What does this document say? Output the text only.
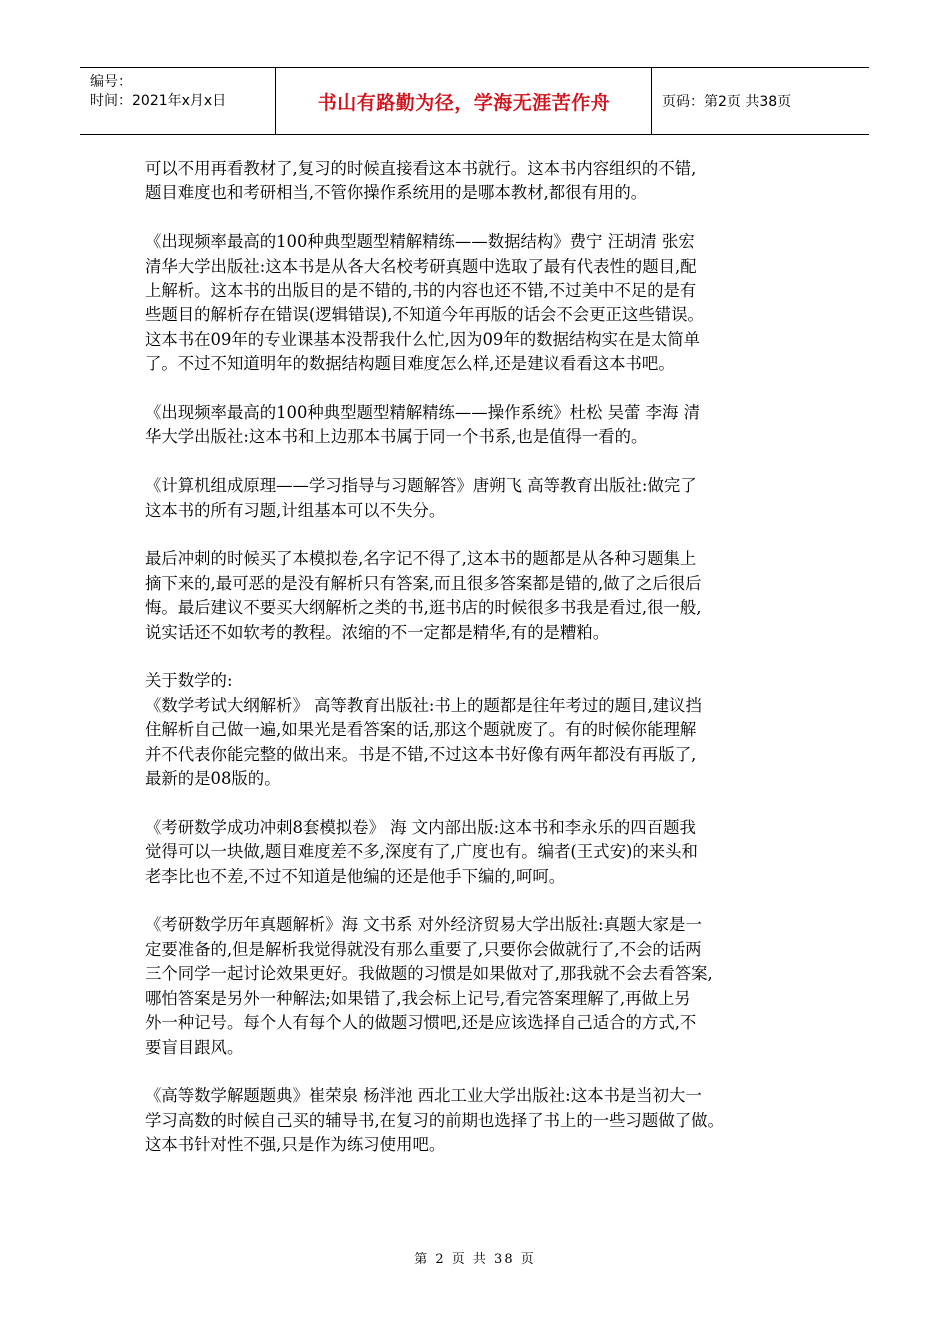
编号：
时间：2021年x月x日	书山有路勤为径，学海无涯苦作舟	页码：第2页 共38页

可以不用再看教材了,复习的时候直接看这本书就行。这本书内容组织的不错,
题目难度也和考研相当,不管你操作系统用的是哪本教材,都很有用的。

《出现频率最高的100种典型题型精解精练——数据结构》费宁 汪胡清 张宏
清华大学出版社:这本书是从各大名校考研真题中选取了最有代表性的题目,配
上解析。这本书的出版目的是不错的,书的内容也还不错,不过美中不足的是有
些题目的解析存在错误(逻辑错误),不知道今年再版的话会不会更正这些错误。
这本书在09年的专业课基本没帮我什么忙,因为09年的数据结构实在是太简单
了。不过不知道明年的数据结构题目难度怎么样,还是建议看看这本书吧。

《出现频率最高的100种典型题型精解精练——操作系统》杜松 吴蕾 李海 清
华大学出版社:这本书和上边那本书属于同一个书系,也是值得一看的。

《计算机组成原理——学习指导与习题解答》唐朔飞 高等教育出版社:做完了
这本书的所有习题,计组基本可以不失分。

最后冲刺的时候买了本模拟卷,名字记不得了,这本书的题都是从各种习题集上
摘下来的,最可恶的是没有解析只有答案,而且很多答案都是错的,做了之后很后
悔。最后建议不要买大纲解析之类的书,逛书店的时候很多书我是看过,很一般,
说实话还不如软考的教程。浓缩的不一定都是精华,有的是糟粕。

关于数学的:
《数学考试大纲解析》 高等教育出版社:书上的题都是往年考过的题目,建议挡
住解析自己做一遍,如果光是看答案的话,那这个题就废了。有的时候你能理解
并不代表你能完整的做出来。书是不错,不过这本书好像有两年都没有再版了,
最新的是08版的。

《考研数学成功冲刺8套模拟卷》 海 文内部出版:这本书和李永乐的四百题我
觉得可以一块做,题目难度差不多,深度有了,广度也有。编者(王式安)的来头和
老李比也不差,不过不知道是他编的还是他手下编的,呵呵。

《考研数学历年真题解析》海 文书系 对外经济贸易大学出版社:真题大家是一
定要准备的,但是解析我觉得就没有那么重要了,只要你会做就行了,不会的话两
三个同学一起讨论效果更好。我做题的习惯是如果做对了,那我就不会去看答案,
哪怕答案是另外一种解法;如果错了,我会标上记号,看完答案理解了,再做上另
外一种记号。每个人有每个人的做题习惯吧,还是应该选择自己适合的方式,不
要盲目跟风。

《高等数学解题题典》崔荣泉 杨泮池 西北工业大学出版社:这本书是当初大一
学习高数的时候自己买的辅导书,在复习的前期也选择了书上的一些习题做了做。
这本书针对性不强,只是作为练习使用吧。

第 2 页 共 38 页
